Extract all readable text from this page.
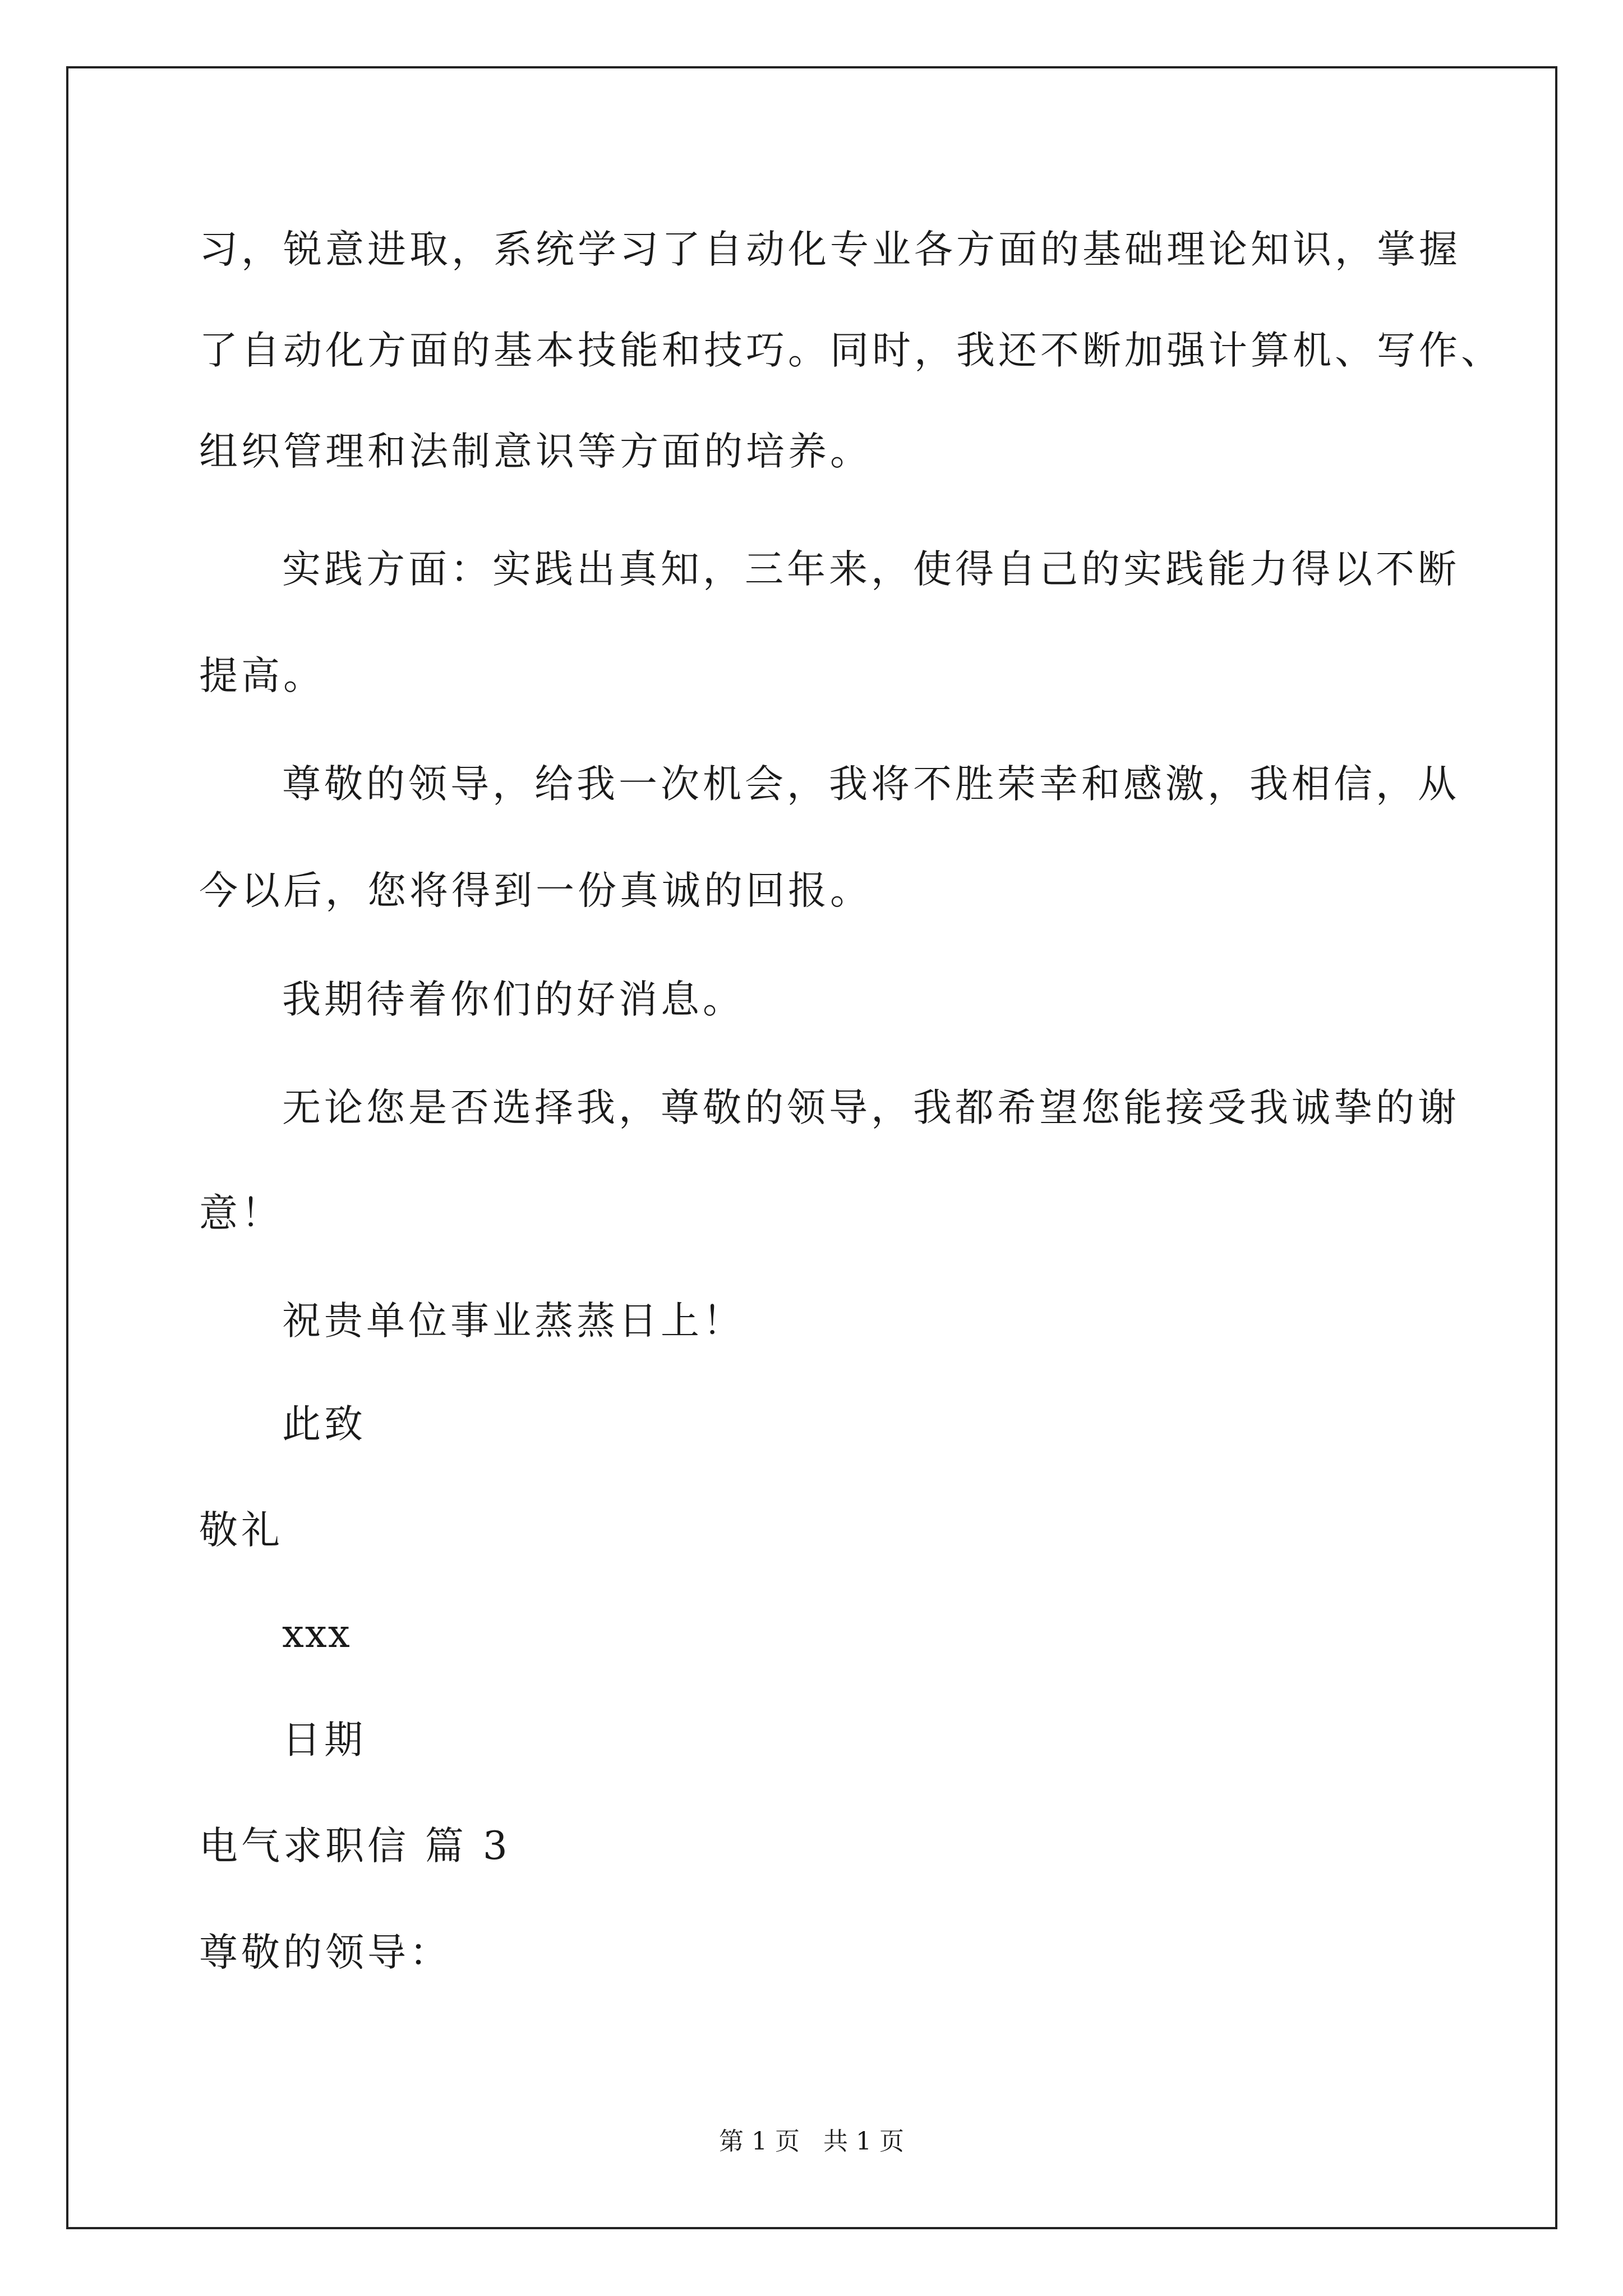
习，锐意进取，系统学习了自动化专业各方面的基础理论知识，掌握
了自动化方面的基本技能和技巧。同时，我还不断加强计算机、写作、
组织管理和法制意识等方面的培养。
实践方面：实践出真知，三年来，使得自己的实践能力得以不断
提高。
尊敬的领导，给我一次机会，我将不胜荣幸和感激，我相信，从
今以后，您将得到一份真诚的回报。
我期待着你们的好消息。
无论您是否选择我，尊敬的领导，我都希望您能接受我诚挚的谢
意！
祝贵单位事业蒸蒸日上！
此致
敬礼
xxx
日期
电气求职信 篇 3
尊敬的领导：
第 1 页   共 1 页
